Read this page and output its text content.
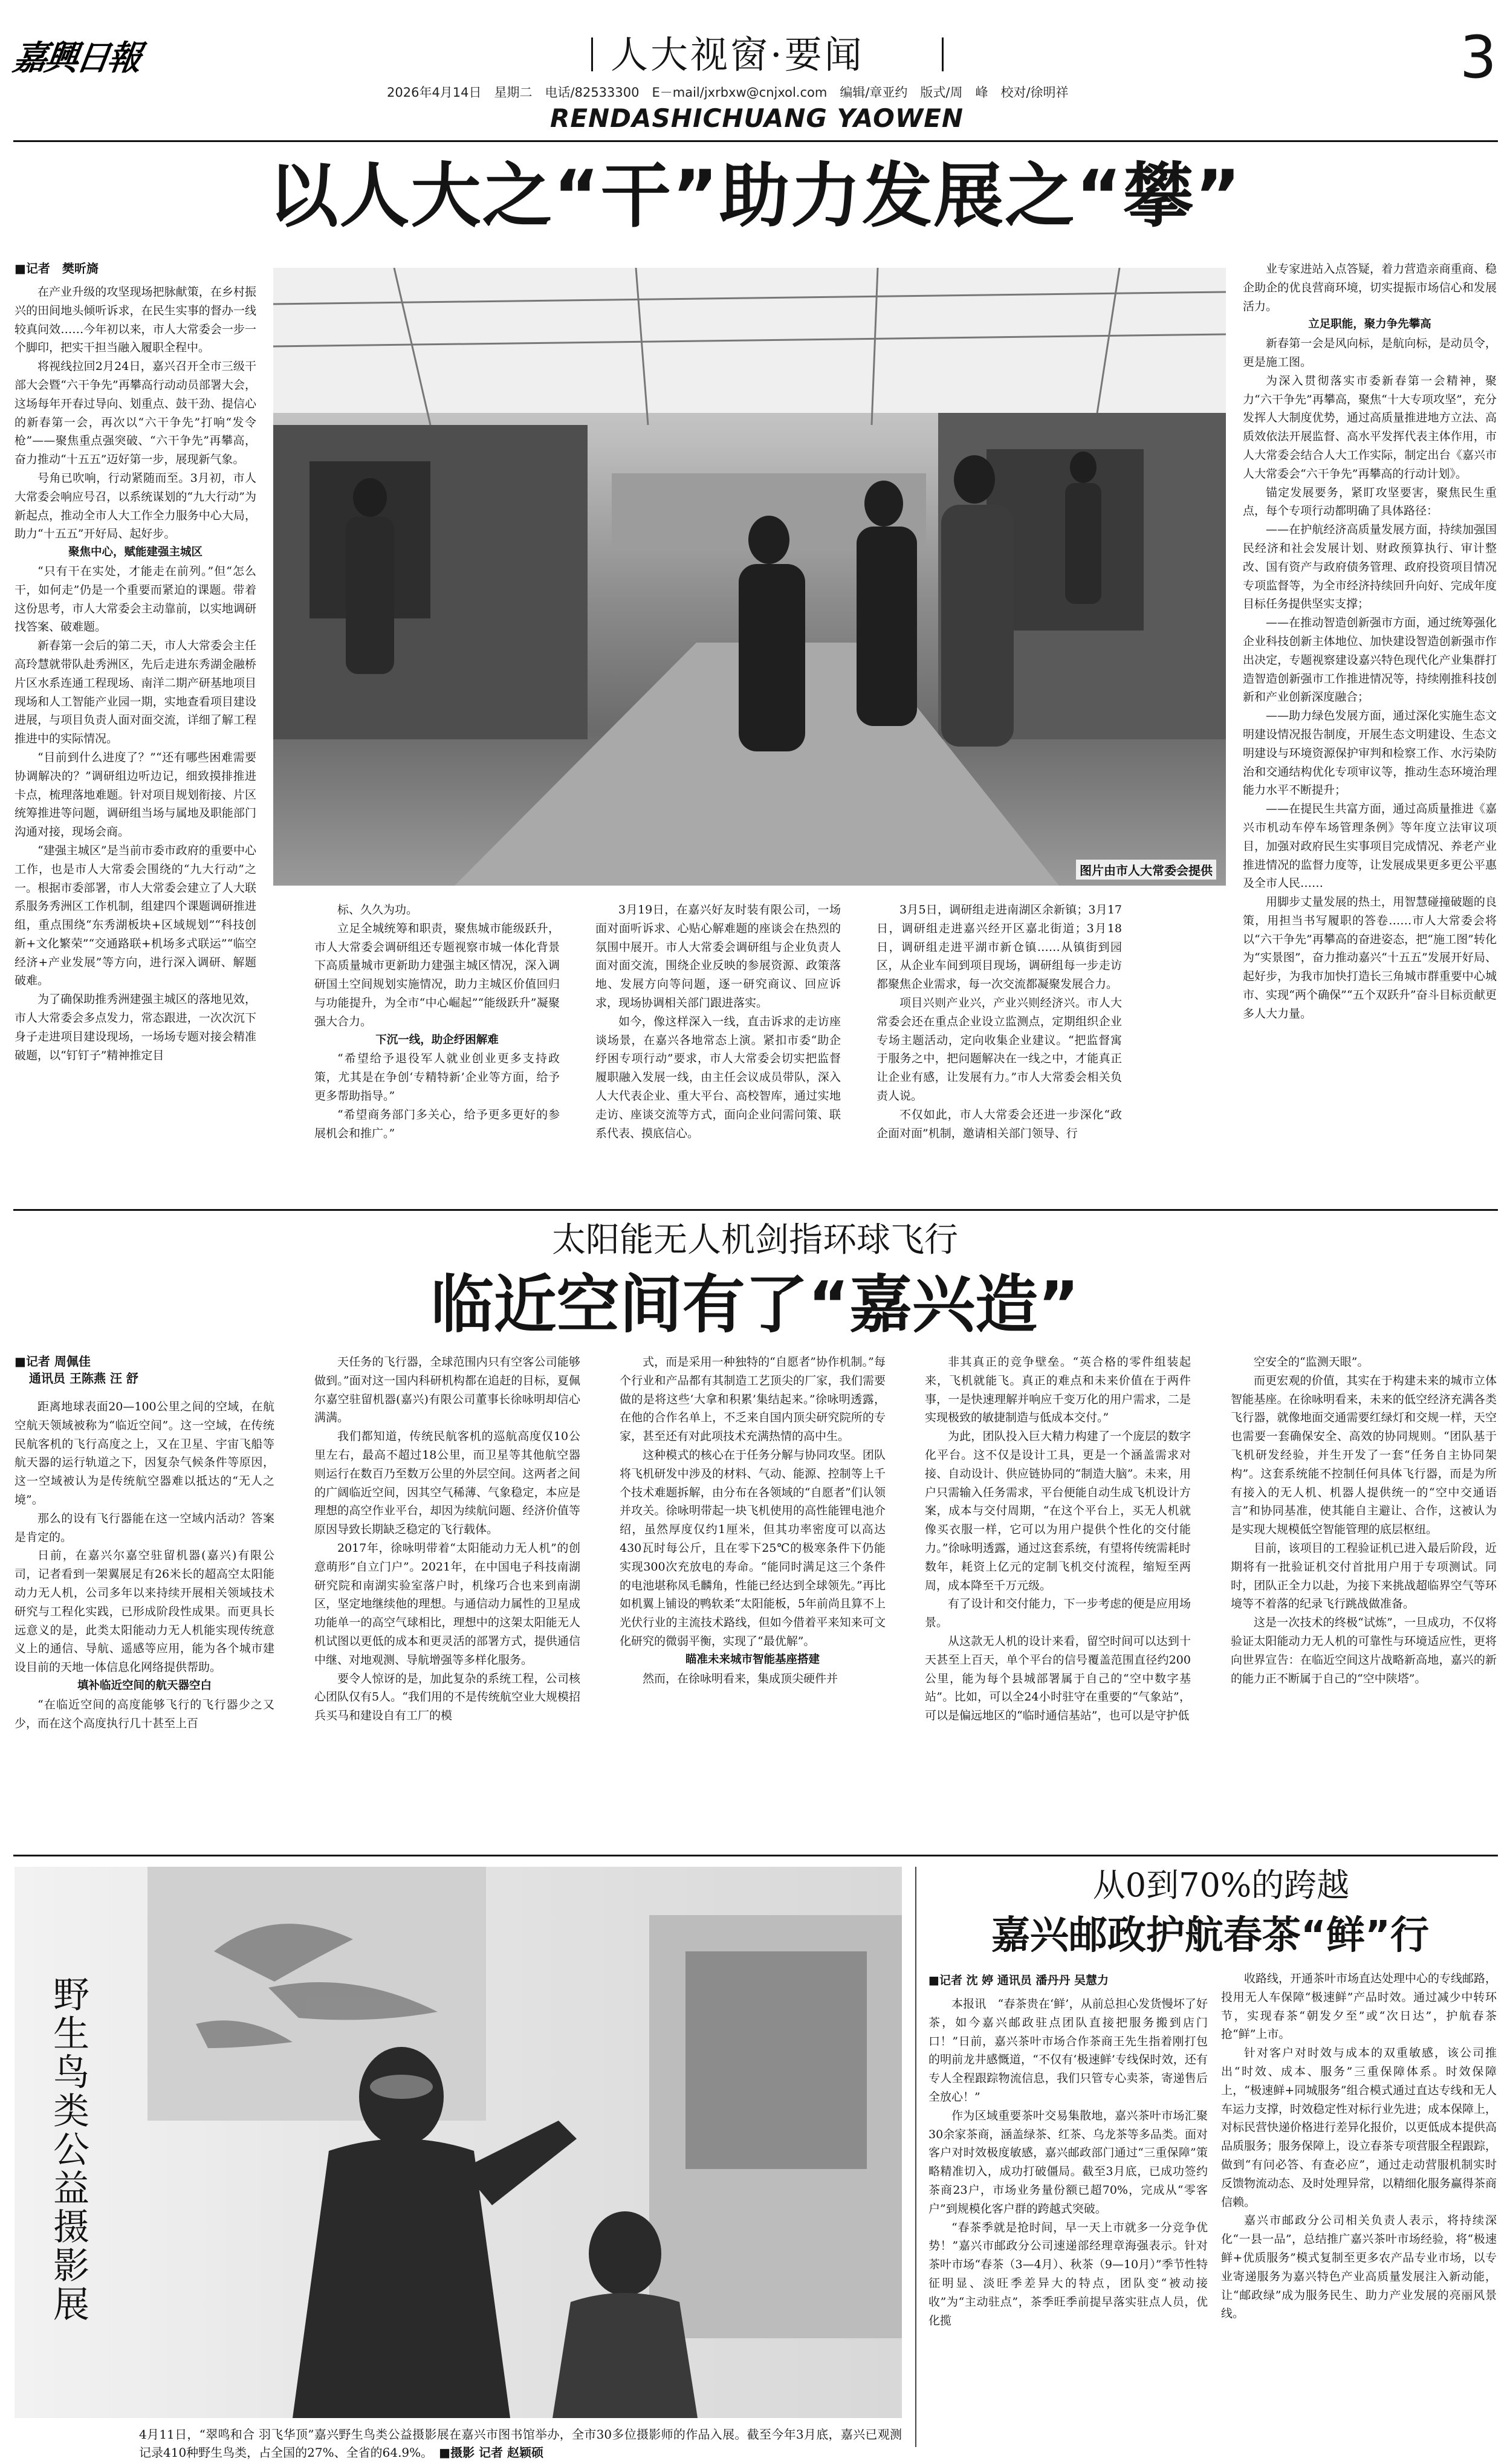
嘉興日報	人大视窗·要闻	3
2026年4月14日　星期二　电话/82533300　E－mail/jxrbxw@cnjxol.com　编辑/章亚约　版式/周　峰　校对/徐明祥
RENDASHICHUANG YAOWEN
以人大之“干”助力发展之“攀”
■记者　樊昕旖
图片由市人大常委会提供

在产业升级的攻坚现场把脉献策，在乡村振兴的田间地头倾听诉求，在民生实事的督办一线较真问效……今年初以来，市人大常委会一步一个脚印，把实干担当融入履职全程中。

将视线拉回2月24日，嘉兴召开全市三级干部大会暨“六干争先”再攀高行动动员部署大会，这场每年开春过导向、划重点、鼓干劲、提信心的新春第一会，再次以“六干争先”打响“发令枪”——聚焦重点强突破、“六干争先”再攀高，奋力推动“十五五”迈好第一步，展现新气象。

号角已吹响，行动紧随而至。3月初，市人大常委会响应号召，以系统谋划的“九大行动”为新起点，推动全市人大工作全力服务中心大局，助力“十五五”开好局、起好步。

聚焦中心，赋能建强主城区

“只有干在实处，才能走在前列。”但“怎么干，如何走”仍是一个重要而紧迫的课题。带着这份思考，市人大常委会主动靠前，以实地调研找答案、破难题。

新春第一会后的第二天，市人大常委会主任高玲慧就带队赴秀洲区，先后走进东秀湖金融桥片区水系连通工程现场、南洋二期产研基地项目现场和人工智能产业园一期，实地查看项目建设进展，与项目负责人面对面交流，详细了解工程推进中的实际情况。

“目前到什么进度了？”“还有哪些困难需要协调解决的？”调研组边听边记，细致摸排推进卡点，梳理落地难题。针对项目规划衔接、片区统筹推进等问题，调研组当场与属地及职能部门沟通对接，现场会商。

“建强主城区”是当前市委市政府的重要中心工作，也是市人大常委会围绕的“九大行动”之一。根据市委部署，市人大常委会建立了人大联系服务秀洲区工作机制，组建四个课题调研推进组，重点围绕“东秀湖板块+区域规划”“科技创新+文化繁荣”“交通路联+机场多式联运”“临空经济+产业发展”等方向，进行深入调研、解题破难。

为了确保助推秀洲建强主城区的落地见效，市人大常委会多点发力，常态跟进，一次次沉下身子走进项目建设现场，一场场专题对接会精准破题，以“钉钉子”精神推定目

标、久久为功。

立足全城统筹和职责，聚焦城市能级跃升，市人大常委会调研组还专题视察市城一体化背景下高质量城市更新助力建强主城区情况，深入调研国土空间规划实施情况，助力主城区价值回归与功能提升，为全市“中心崛起”“能级跃升”凝聚强大合力。

下沉一线，助企纾困解难

“希望给予退役军人就业创业更多支持政策，尤其是在争创‘专精特新’企业等方面，给予更多帮助指导。”

“希望商务部门多关心，给予更多更好的参展机会和推广。”

3月19日，在嘉兴好友时装有限公司，一场面对面听诉求、心贴心解难题的座谈会在热烈的氛围中展开。市人大常委会调研组与企业负责人面对面交流，围绕企业反映的参展资源、政策落地、发展方向等问题，逐一研究商议、回应诉求，现场协调相关部门跟进落实。

如今，像这样深入一线，直击诉求的走访座谈场景，在嘉兴各地常态上演。紧扣市委“助企纾困专项行动”要求，市人大常委会切实把监督履职融入发展一线，由主任会议成员带队，深入人大代表企业、重大平台、高校智库，通过实地走访、座谈交流等方式，面向企业问需问策、联系代表、摸底信心。

3月5日，调研组走进南湖区余新镇；3月17日，调研组走进嘉兴经开区嘉北街道；3月18日，调研组走进平湖市新仓镇……从镇街到园区，从企业车间到项目现场，调研组每一步走访都聚焦企业需求，每一次交流都凝聚发展合力。

项目兴则产业兴，产业兴则经济兴。市人大常委会还在重点企业设立监测点，定期组织企业专场主题活动，定向收集企业建议。“把监督寓于服务之中，把问题解决在一线之中，才能真正让企业有感，让发展有力。”市人大常委会相关负责人说。

不仅如此，市人大常委会还进一步深化“政企面对面”机制，邀请相关部门领导、行

业专家进站入点答疑，着力营造亲商重商、稳企助企的优良营商环境，切实提振市场信心和发展活力。

立足职能，聚力争先攀高

新春第一会是风向标，是航向标，是动员令，更是施工图。

为深入贯彻落实市委新春第一会精神，聚力“六干争先”再攀高，聚焦“十大专项攻坚”，充分发挥人大制度优势，通过高质量推进地方立法、高质效依法开展监督、高水平发挥代表主体作用，市人大常委会结合人大工作实际，制定出台《嘉兴市人大常委会“六干争先”再攀高的行动计划》。

锚定发展要务，紧盯攻坚要害，聚焦民生重点，每个专项行动都明确了具体路径：

——在护航经济高质量发展方面，持续加强国民经济和社会发展计划、财政预算执行、审计整改、国有资产与政府债务管理、政府投资项目情况专项监督等，为全市经济持续回升向好、完成年度目标任务提供坚实支撑；

——在推动智造创新强市方面，通过统筹强化企业科技创新主体地位、加快建设智造创新强市作出决定，专题视察建设嘉兴特色现代化产业集群打造智造创新强市工作推进情况等，持续刚推科技创新和产业创新深度融合；

——助力绿色发展方面，通过深化实施生态文明建设情况报告制度，开展生态文明建设、生态文明建设与环境资源保护审判和检察工作、水污染防治和交通结构优化专项审议等，推动生态环境治理能力水平不断提升；

——在提民生共富方面，通过高质量推进《嘉兴市机动车停车场管理条例》等年度立法审议项目，加强对政府民生实事项目完成情况、养老产业推进情况的监督力度等，让发展成果更多更公平惠及全市人民……

用脚步丈量发展的热土，用智慧碰撞破题的良策，用担当书写履职的答卷……市人大常委会将以“六干争先”再攀高的奋进姿态，把“施工图”转化为“实景图”，奋力推动嘉兴“十五五”发展开好局、起好步，为我市加快打造长三角城市群重要中心城市、实现“两个确保”“五个双跃升”奋斗目标贡献更多人大力量。

太阳能无人机剑指环球飞行
临近空间有了“嘉兴造”
■记者 周佩佳
通讯员 王陈燕 汪 舒

距离地球表面20—100公里之间的空域，在航空航天领域被称为“临近空间”。这一空域，在传统民航客机的飞行高度之上，又在卫星、宇宙飞船等航天器的运行轨道之下，因复杂气候条件等原因，这一空域被认为是传统航空器难以抵达的“无人之境”。

那么的设有飞行器能在这一空域内活动？答案是肯定的。

日前，在嘉兴尔嘉空驻留机器(嘉兴)有限公司，记者看到一架翼展足有26米长的超高空太阳能动力无人机，公司多年以来持续开展相关领域技术研究与工程化实践，已形成阶段性成果。而更具长远意义的是，此类太阳能动力无人机能实现传统意义上的通信、导航、遥感等应用，能为各个城市建设目前的天地一体信息化网络提供帮助。

填补临近空间的航天器空白

“在临近空间的高度能够飞行的飞行器少之又少，而在这个高度执行几十甚至上百

天任务的飞行器，全球范围内只有空客公司能够做到。”面对这一国内科研机构都在追赶的目标，夏佩尔嘉空驻留机器(嘉兴)有限公司董事长徐咏明却信心满满。

我们都知道，传统民航客机的巡航高度仅10公里左右，最高不超过18公里，而卫星等其他航空器则运行在数百乃至数万公里的外层空间。这两者之间的广阔临近空间，因其空气稀薄、气象稳定，本应是理想的高空作业平台，却因为续航问题、经济价值等原因导致长期缺乏稳定的飞行载体。

2017年，徐咏明带着“太阳能动力无人机”的创意萌形“自立门户”。2021年，在中国电子科技南湖研究院和南湖实验室落户时，机缘巧合也来到南湖区，坚定地继续他的理想。与通信动力属性的卫星成功能单一的高空气球相比，理想中的这架太阳能无人机试图以更低的成本和更灵活的部署方式，提供通信中继、对地观测、导航增强等多样化服务。

要令人惊讶的是，加此复杂的系统工程，公司核心团队仅有5人。“我们用的不是传统航空业大规模招兵买马和建设自有工厂的模

式，而是采用一种独特的“自愿者”协作机制。”每个行业和产品都有其制造工艺顶尖的厂家，我们需要做的是将这些‘大拿和积累’集结起来。”徐咏明透露，在他的合作名单上，不乏来自国内顶尖研究院所的专家，甚至还有对此项技术充满热情的高中生。

这种模式的核心在于任务分解与协同攻坚。团队将飞机研发中涉及的材料、气动、能源、控制等上千个技术难题拆解，由分布在各领域的“自愿者”们认领并攻关。徐咏明带起一块飞机使用的高性能锂电池介绍，虽然厚度仅约1厘米，但其功率密度可以高达430瓦时每公斤，且在零下25℃的极寒条件下仍能实现300次充放电的寿命。“能同时满足这三个条件的电池堪称凤毛麟角，性能已经达到全球领先。”再比如机翼上铺设的鸭软柔“太阳能板，5年前尚且算不上光伏行业的主流技术路线，但如今借着平来知来可文化研究的微弱平衡，实现了“最优解”。

瞄准未来城市智能基座搭建

然而，在徐咏明看来，集成顶尖硬件并

非其真正的竞争壁垒。“英合格的零件组装起来，飞机就能飞。真正的难点和未来价值在于两件事，一是快速理解并响应千变万化的用户需求，二是实现极致的敏捷制造与低成本交付。”

为此，团队投入巨大精力构建了一个庞层的数字化平台。这不仅是设计工具，更是一个涵盖需求对接、自动设计、供应链协同的“制造大脑”。未来，用户只需输入任务需求，平台便能自动生成飞机设计方案，成本与交付周期，“在这个平台上，买无人机就像买衣服一样，它可以为用户提供个性化的交付能力。”徐咏明透露，通过这套系统，有望将传统需耗时数年，耗资上亿元的定制飞机交付流程，缩短至两周，成本降至千万元级。

有了设计和交付能力，下一步考虑的便是应用场景。

从这款无人机的设计来看，留空时间可以达到十天甚至上百天，单个平台的信号覆盖范围直径约200公里，能为每个县城部署属于自己的“空中数字基站”。比如，可以全24小时驻守在重要的“气象站”，可以是偏远地区的“临时通信基站”，也可以是守护低

空安全的“监测天眼”。

而更宏观的价值，其实在于构建未来的城市立体智能基座。在徐咏明看来，未来的低空经济充满各类飞行器，就像地面交通需要红绿灯和交规一样，天空也需要一套确保安全、高效的协同规则。“团队基于飞机研发经验，并生开发了一套“任务自主协同架构”。这套系统能不控制任何具体飞行器，而是为所有接入的无人机、机器人提供统一的“空中交通语言”和协同基准，使其能自主避让、合作，这被认为是实现大规模低空智能管理的底层枢纽。

目前，该项目的工程验证机已进入最后阶段，近期将有一批验证机交付首批用户用于专项测试。同时，团队正全力以赴，为接下来挑战超临界空气等环境等不着落的纪录飞行跳战做准备。

这是一次技术的终极“试炼”，一旦成功，不仅将验证太阳能动力无人机的可靠性与环境适应性，更将向世界宣告：在临近空间这片战略新高地，嘉兴的新的能力正不断属于自己的“空中陕塔”。

野生鸟类公益摄影展
4月11日，“翠鸣和合 羽飞华顶”嘉兴野生鸟类公益摄影展在嘉兴市图书馆举办，全市30多位摄影师的作品入展。截至今年3月底，嘉兴已观测记录410种野生鸟类，占全国的27%、全省的64.9%。 ■摄影 记者 赵颖硕
从0到70%的跨越
嘉兴邮政护航春茶“鲜”行
■记者 沈 婷 通讯员 潘丹丹 吴慧力

本报讯　“春茶贵在‘鲜’，从前总担心发货慢坏了好茶，如今嘉兴邮政驻点团队直接把服务搬到店门口！”日前，嘉兴茶叶市场合作茶商王先生指着刚打包的明前龙井感慨道，“不仅有‘极速鲜’专线保时效，还有专人全程跟踪物流信息，我们只管专心卖茶，寄递售后全放心！”

作为区域重要茶叶交易集散地，嘉兴茶叶市场汇聚30余家茶商，涵盖绿茶、红茶、乌龙茶等多品类。面对客户对时效极度敏感，嘉兴邮政部门通过“三重保障”策略精准切入，成功打破僵局。截至3月底，已成功签约茶商23户，市场业务量份额已超70%，完成从“零客户”到规模化客户群的跨越式突破。

“春茶季就是抢时间，早一天上市就多一分竞争优势！”嘉兴市邮政分公司速递部经理章海强表示。针对茶叶市场“春茶（3—4月）、秋茶（9—10月）”季节性特征明显、淡旺季差异大的特点，团队变“被动接收”为“主动驻点”，茶季旺季前提早落实驻点人员，优化揽

收路线，开通茶叶市场直达处理中心的专线邮路，投用无人车保障“极速鲜”产品时效。通过减少中转环节，实现春茶“朝发夕至”或“次日达”，护航春茶抢“鲜”上市。

针对客户对时效与成本的双重敏感，该公司推出“时效、成本、服务”三重保障体系。时效保障上，“极速鲜+同城服务”组合模式通过直达专线和无人车运力支撑，时效稳定性对标行业先进；成本保障上，对标民营快递价格进行差异化报价，以更低成本提供高品质服务；服务保障上，设立春茶专项营服全程跟踪，做到“有问必答、有查必应”，通过走动营服机制实时反馈物流动态、及时处理异常，以精细化服务赢得茶商信赖。

嘉兴市邮政分公司相关负责人表示，将持续深化“一县一品”，总结推广嘉兴茶叶市场经验，将“极速鲜+优质服务”模式复制至更多农产品专业市场，以专业寄递服务为嘉兴特色产业高质量发展注入新动能，让“邮政绿”成为服务民生、助力产业发展的亮丽风景线。
